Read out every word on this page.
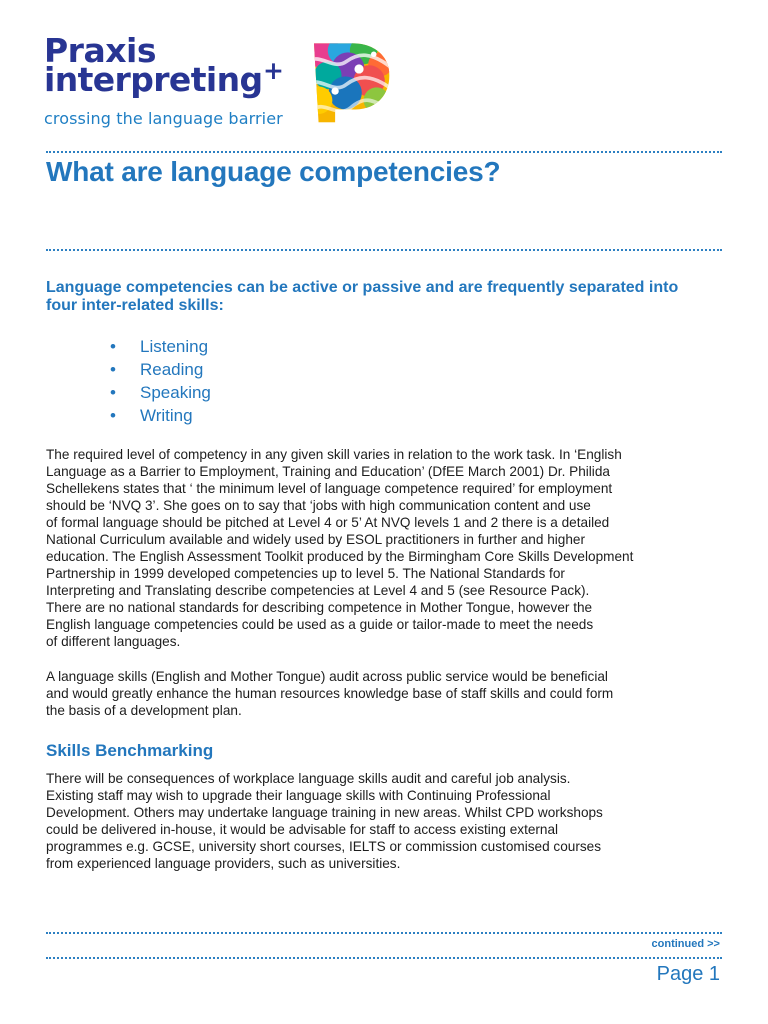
Praxis
interpreting +
crossing the language barrier
What are language competencies?
Language competencies can be active or passive and are frequently separated into four inter-related skills:
•	Listening
•	Reading
•	Speaking
•	Writing
The required level of competency in any given skill varies in relation to the work task. In ‘English
Language as a Barrier to Employment, Training and Education’ (DfEE March 2001) Dr. Philida
Schellekens states that ‘ the minimum level of language competence required’ for employment
should be ‘NVQ 3’. She goes on to say that ‘jobs with high communication content and use
of formal language should be pitched at Level 4 or 5’ At NVQ levels 1 and 2 there is a detailed
National Curriculum available and widely used by ESOL practitioners in further and higher
education. The English Assessment Toolkit produced by the Birmingham Core Skills Development
Partnership in 1999 developed competencies up to level 5. The National Standards for
Interpreting and Translating describe competencies at Level 4 and 5 (see Resource Pack).
There are no national standards for describing competence in Mother Tongue, however the
English language competencies could be used as a guide or tailor-made to meet the needs
of different languages.
A language skills (English and Mother Tongue) audit across public service would be beneficial
and would greatly enhance the human resources knowledge base of staff skills and could form
the basis of a development plan.
Skills Benchmarking
There will be consequences of workplace language skills audit and careful job analysis.
Existing staff may wish to upgrade their language skills with Continuing Professional
Development. Others may undertake language training in new areas. Whilst CPD workshops
could be delivered in-house, it would be advisable for staff to access existing external
programmes e.g. GCSE, university short courses, IELTS or commission customised courses
from experienced language providers, such as universities.
continued >>
Page 1
